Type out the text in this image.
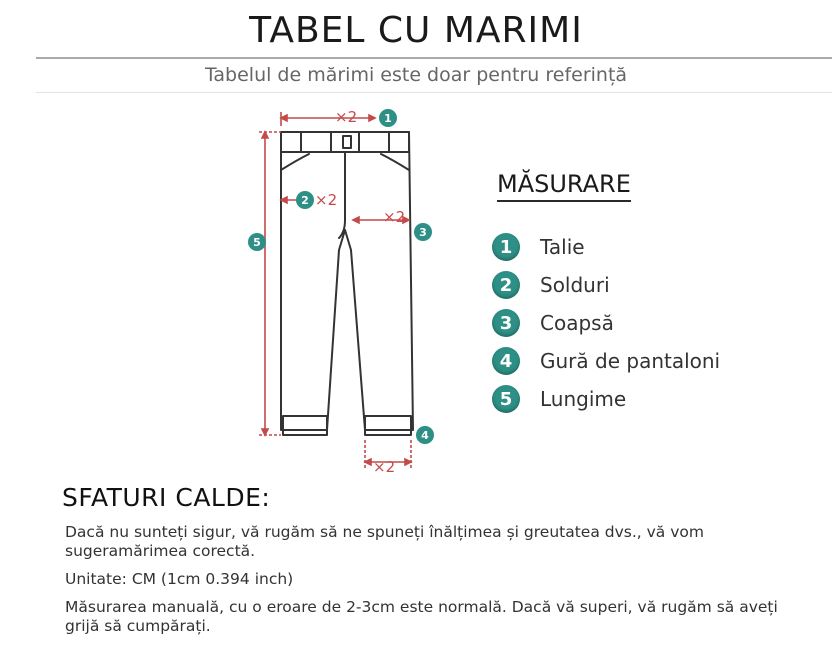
TABEL CU MARIMI
Tabelul de mărimi este doar pentru referință
×2
×2
×2
×2
1
2
3
4
5
MĂSURARE
1	Talie
2	Solduri
3	Coapsă
4	Gură de pantaloni
5	Lungime
SFATURI CALDE:
Dacă nu sunteți sigur, vă rugăm să ne spuneți înălțimea și greutatea dvs., vă vom sugeramărimea corectă.
Unitate: CM (1cm 0.394 inch)
Măsurarea manuală, cu o eroare de 2-3cm este normală. Dacă vă superi, vă rugăm să aveți grijă să cumpărați.
